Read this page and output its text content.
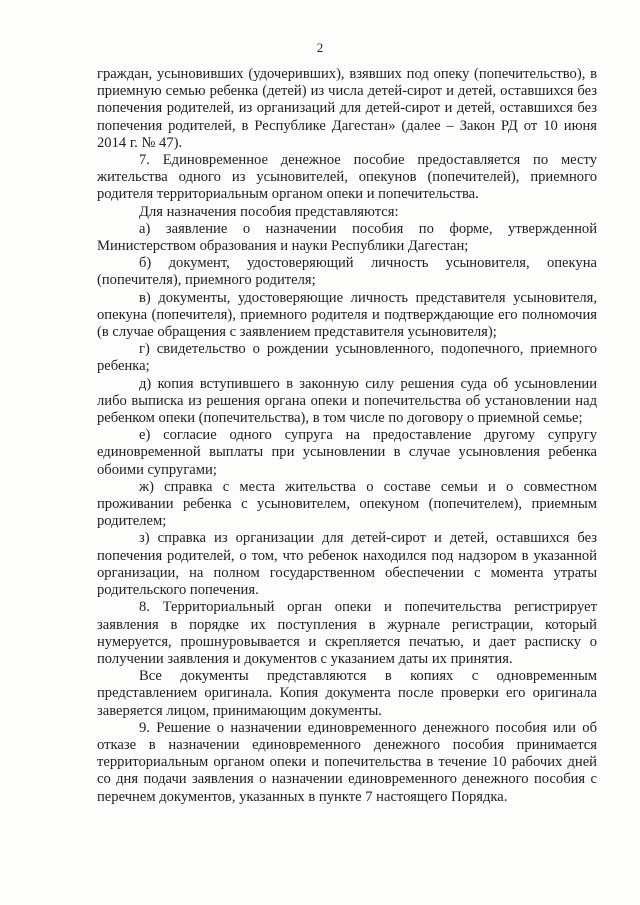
2

граждан, усыновивших (удочеривших), взявших под опеку (попечительство), в приемную семью ребенка (детей) из числа детей-сирот и детей, оставшихся без попечения родителей, из организаций для детей-сирот и детей, оставшихся без попечения родителей, в Республике Дагестан» (далее – Закон РД от 10 июня 2014 г. № 47).

7. Единовременное денежное пособие предоставляется по месту жительства одного из усыновителей, опекунов (попечителей), приемного родителя территориальным органом опеки и попечительства.

Для назначения пособия представляются:

а) заявление о назначении пособия по форме, утвержденной Министерством образования и науки Республики Дагестан;

б) документ, удостоверяющий личность усыновителя, опекуна (попечителя), приемного родителя;

в) документы, удостоверяющие личность представителя усыновителя, опекуна (попечителя), приемного родителя и подтверждающие его полномочия (в случае обращения с заявлением представителя усыновителя);

г) свидетельство о рождении усыновленного, подопечного, приемного ребенка;

д) копия вступившего в законную силу решения суда об усыновлении либо выписка из решения органа опеки и попечительства об установлении над ребенком опеки (попечительства), в том числе по договору о приемной семье;

е) согласие одного супруга на предоставление другому супругу единовременной выплаты при усыновлении в случае усыновления ребенка обоими супругами;

ж) справка с места жительства о составе семьи и о совместном проживании ребенка с усыновителем, опекуном (попечителем), приемным родителем;

з) справка из организации для детей-сирот и детей, оставшихся без попечения родителей, о том, что ребенок находился под надзором в указанной организации, на полном государственном обеспечении с момента утраты родительского попечения.

8. Территориальный орган опеки и попечительства регистрирует заявления в порядке их поступления в журнале регистрации, который нумеруется, прошнуровывается и скрепляется печатью, и дает расписку о получении заявления и документов с указанием даты их принятия.

Все документы представляются в копиях с одновременным представлением оригинала. Копия документа после проверки его оригинала заверяется лицом, принимающим документы.

9. Решение о назначении единовременного денежного пособия или об отказе в назначении единовременного денежного пособия принимается территориальным органом опеки и попечительства в течение 10 рабочих дней со дня подачи заявления о назначении единовременного денежного пособия с перечнем документов, указанных в пункте 7 настоящего Порядка.
